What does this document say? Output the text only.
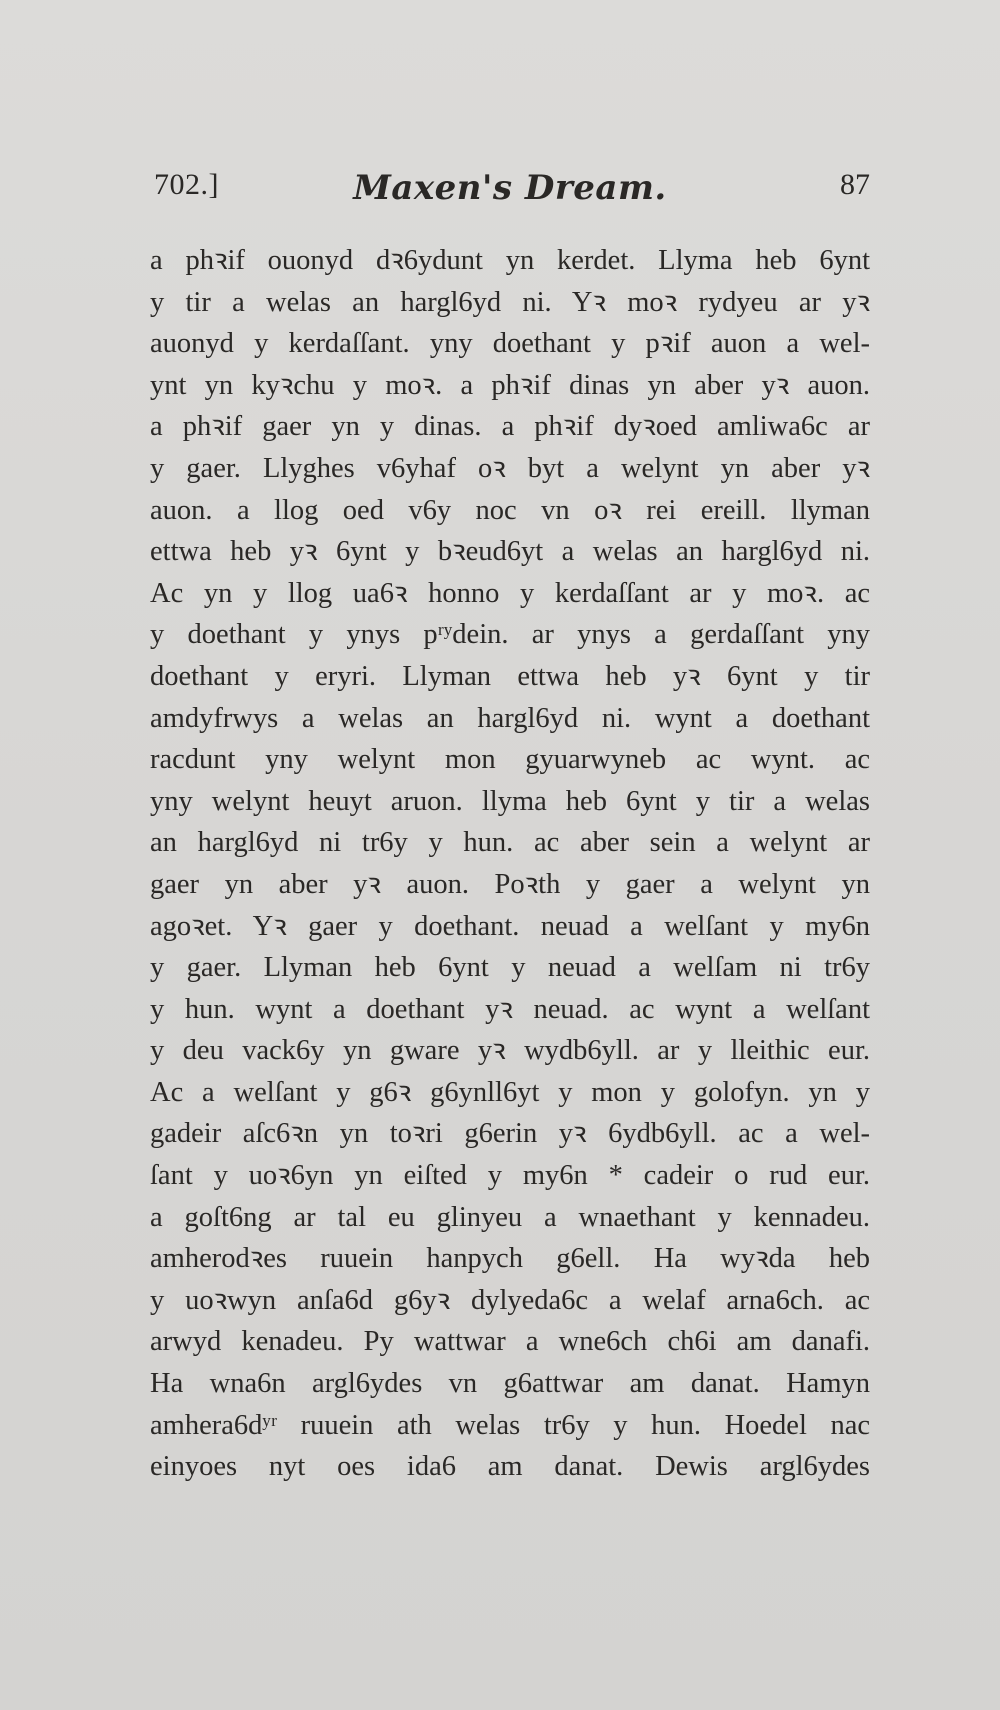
702.]	Maxen's Dream.	87
a phꝛif ouonyd dꝛ6ydunt yn kerdet. Llyma heb 6ynt
y tir a welas an hargl6yd ni. Yꝛ moꝛ rydyeu ar yꝛ
auonyd y kerdaſſant. yny doethant y pꝛif auon a wel-
ynt yn kyꝛchu y moꝛ. a phꝛif dinas yn aber yꝛ auon.
a phꝛif gaer yn y dinas. a phꝛif dyꝛoed amliwa6c ar
y gaer. Llyghes v6yhaf oꝛ byt a welynt yn aber yꝛ
auon. a llog oed v6y noc vn oꝛ rei ereill. llyman
ettwa heb yꝛ 6ynt y bꝛeud6yt a welas an hargl6yd ni.
Ac yn y llog ua6ꝛ honno y kerdaſſant ar y moꝛ. ac
y doethant y ynys pʳʸdein. ar ynys a gerdaſſant yny
doethant y eryri. Llyman ettwa heb yꝛ 6ynt y tir
amdyfrwys a welas an hargl6yd ni. wynt a doethant
racdunt yny welynt mon gyuarwyneb ac wynt. ac
yny welynt heuyt aruon. llyma heb 6ynt y tir a welas
an hargl6yd ni tr6y y hun. ac aber sein a welynt ar
gaer yn aber yꝛ auon. Poꝛth y gaer a welynt yn
agoꝛet. Yꝛ gaer y doethant. neuad a welſant y my6n
y gaer. Llyman heb 6ynt y neuad a welſam ni tr6y
y hun. wynt a doethant yꝛ neuad. ac wynt a welſant
y deu vack6y yn gware yꝛ wydb6yll. ar y lleithic eur.
Ac a welſant y g6ꝛ g6ynll6yt y mon y golofyn. yn y
gadeir aſc6ꝛn yn toꝛri g6erin yꝛ 6ydb6yll. ac a wel-
ſant y uoꝛ6yn yn eiſted y my6n * cadeir o rud eur.
a goſt6ng ar tal eu glinyeu a wnaethant y kennadeu.
amherodꝛes ruuein hanpych g6ell. Ha wyꝛda heb
y uoꝛwyn anſa6d g6yꝛ dylyeda6c a welaf arna6ch. ac
arwyd kenadeu. Py wattwar a wne6ch ch6i am danafi.
Ha wna6n argl6ydes vn g6attwar am danat. Hamyn
amhera6dʸʳ ruuein ath welas tr6y y hun. Hoedel nac
einyoes nyt oes ida6 am danat. Dewis argl6ydes
